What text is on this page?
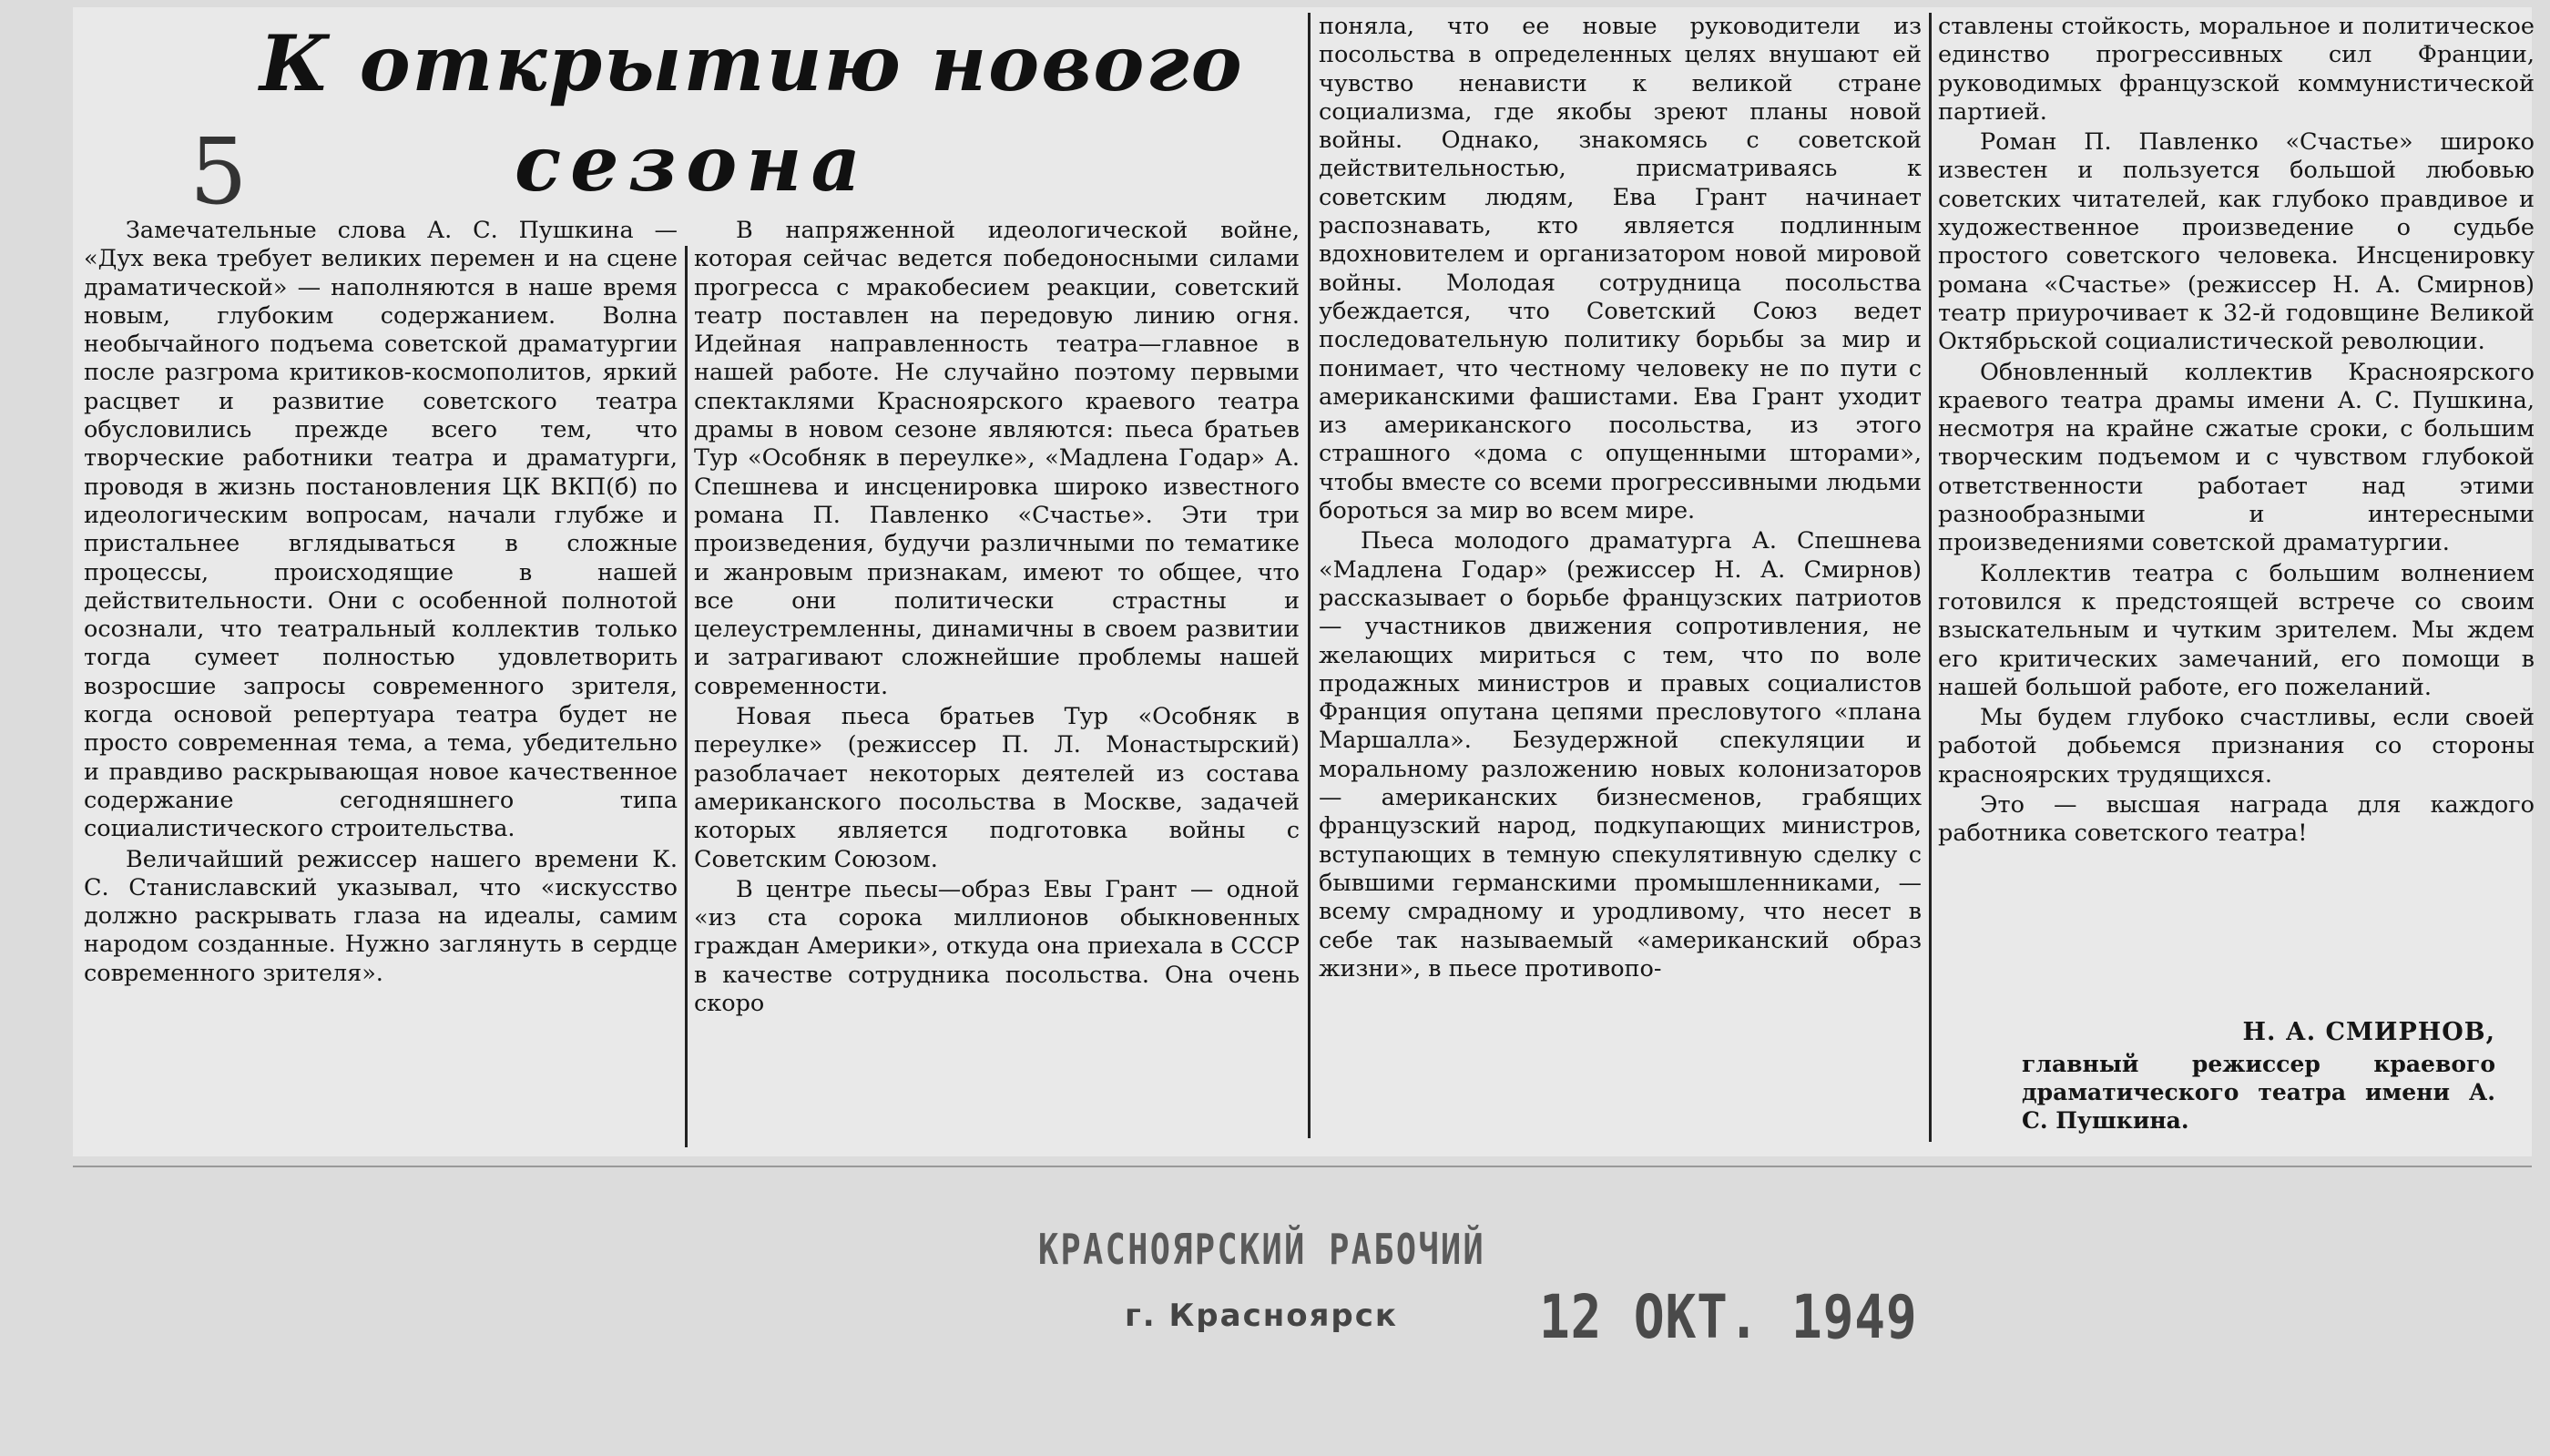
К открытию нового
сезона
5

Замечательные слова А. С. Пушкина — «Дух века требует великих перемен и на сцене драматической» — наполняются в наше время новым, глубоким содержанием. Волна необычайного подъема советской драматургии после разгрома критиков-космополитов, яркий расцвет и развитие советского театра обусловились прежде всего тем, что творческие работники театра и драматурги, проводя в жизнь постановления ЦК ВКП(б) по идеологическим вопросам, начали глубже и пристальнее вглядываться в сложные процессы, происходящие в нашей действительности. Они с особенной полнотой осознали, что театральный коллектив только тогда сумеет полностью удовлетворить возросшие запросы современного зрителя, когда основой репертуара театра будет не просто современная тема, а тема, убедительно и правдиво раскрывающая новое качественное содержание сегодняшнего типа социалистического строительства.

Величайший режиссер нашего времени К. С. Станиславский указывал, что «искусство должно раскрывать глаза на идеалы, самим народом созданные. Нужно заглянуть в сердце современного зрителя».

В напряженной идеологической войне, которая сейчас ведется победоносными силами прогресса с мракобесием реакции, советский театр поставлен на передовую линию огня. Идейная направленность театра—главное в нашей работе. Не случайно поэтому первыми спектаклями Красноярского краевого театра драмы в новом сезоне являются: пьеса братьев Тур «Особняк в переулке», «Мадлена Годар» А. Спешнева и инсценировка широко известного романа П. Павленко «Счастье». Эти три произведения, будучи различными по тематике и жанровым признакам, имеют то общее, что все они политически страстны и целеустремленны, динамичны в своем развитии и затрагивают сложнейшие проблемы нашей современности.

Новая пьеса братьев Тур «Особняк в переулке» (режиссер П. Л. Монастырский) разоблачает некоторых деятелей из состава американского посольства в Москве, задачей которых является подготовка войны с Советским Союзом.

В центре пьесы—образ Евы Грант — одной «из ста сорока миллионов обыкновенных граждан Америки», откуда она приехала в СССР в качестве сотрудника посольства. Она очень скоро

поняла, что ее новые руководители из посольства в определенных целях внушают ей чувство ненависти к великой стране социализма, где якобы зреют планы новой войны. Однако, знакомясь с советской действительностью, присматриваясь к советским людям, Ева Грант начинает распознавать, кто является подлинным вдохновителем и организатором новой мировой войны. Молодая сотрудница посольства убеждается, что Советский Союз ведет последовательную политику борьбы за мир и понимает, что честному человеку не по пути с американскими фашистами. Ева Грант уходит из американского посольства, из этого страшного «дома с опущенными шторами», чтобы вместе со всеми прогрессивными людьми бороться за мир во всем мире.

Пьеса молодого драматурга А. Спешнева «Мадлена Годар» (режиссер Н. А. Смирнов) рассказывает о борьбе французских патриотов — участников движения сопротивления, не желающих мириться с тем, что по воле продажных министров и правых социалистов Франция опутана цепями пресловутого «плана Маршалла». Безудержной спекуляции и моральному разложению новых колонизаторов — американских бизнесменов, грабящих французский народ, подкупающих министров, вступающих в темную спекулятивную сделку с бывшими германскими промышленниками, — всему смрадному и уродливому, что несет в себе так называемый «американский образ жизни», в пьесе противопо-

ставлены стойкость, моральное и политическое единство прогрессивных сил Франции, руководимых французской коммунистической партией.

Роман П. Павленко «Счастье» широко известен и пользуется большой любовью советских читателей, как глубоко правдивое и художественное произведение о судьбе простого советского человека. Инсценировку романа «Счастье» (режиссер Н. А. Смирнов) театр приурочивает к 32-й годовщине Великой Октябрьской социалистической революции.

Обновленный коллектив Красноярского краевого театра драмы имени А. С. Пушкина, несмотря на крайне сжатые сроки, с большим творческим подъемом и с чувством глубокой ответственности работает над этими разнообразными и интересными произведениями советской драматургии.

Коллектив театра с большим волнением готовился к предстоящей встрече со своим взыскательным и чутким зрителем. Мы ждем его критических замечаний, его помощи в нашей большой работе, его пожеланий.

Мы будем глубоко счастливы, если своей работой добьемся признания со стороны красноярских трудящихся.

Это — высшая награда для каждого работника советского театра!

Н. А. СМИРНОВ,
главный режиссер краевого драматического театра имени А. С. Пушкина.
КРАСНОЯРСКИЙ РАБОЧИЙ
г. Красноярск 12 ОКТ. 1949
